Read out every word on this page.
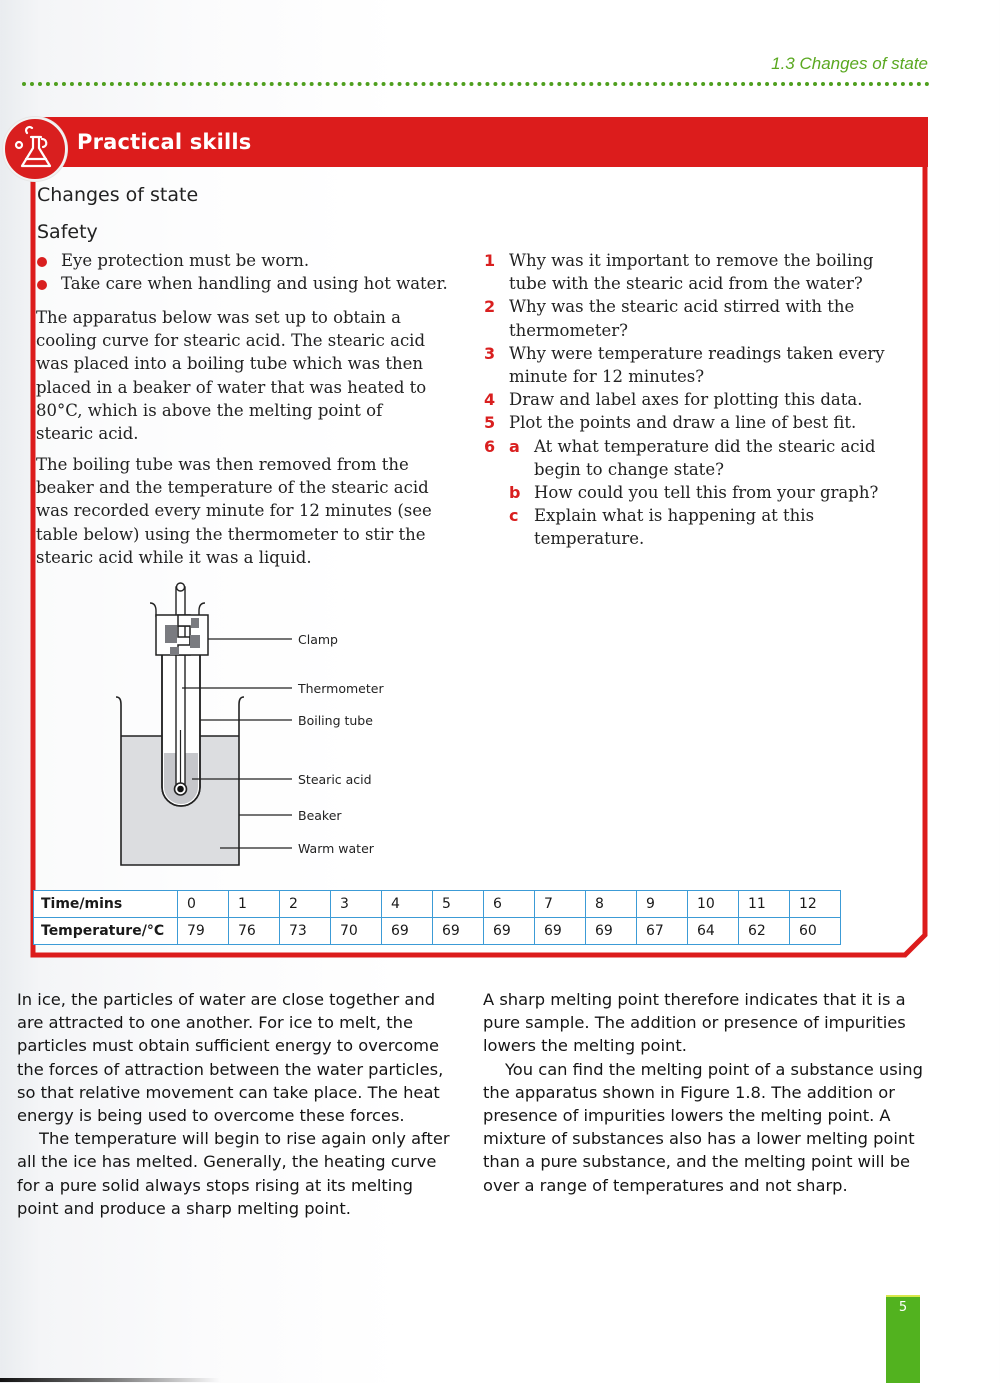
1.3 Changes of state
Practical skills
Changes of state
Safety
Eye protection must be worn.
Take care when handling and using hot water.

The apparatus below was set up to obtain a cooling curve for stearic acid. The stearic acid was placed into a boiling tube which was then placed in a beaker of water that was heated to 80°C, which is above the melting point of stearic acid.

The boiling tube was then removed from the beaker and the temperature of the stearic acid was recorded every minute for 12 minutes (see table below) using the thermometer to stir the stearic acid while it was a liquid.

1 Why was it important to remove the boiling tube with the stearic acid from the water?
2 Why was the stearic acid stirred with the thermometer?
3 Why were temperature readings taken every minute for 12 minutes?
4 Draw and label axes for plotting this data.
5 Plot the points and draw a line of best fit.
6 a At what temperature did the stearic acid begin to change state?
b How could you tell this from your graph?
c Explain what is happening at this temperature.
Clamp
Thermometer
Boiling tube
Stearic acid
Beaker
Warm water
Time/mins	0	1	2	3	4	5	6	7	8	9	10	11	12
Temperature/°C	79	76	73	70	69	69	69	69	69	67	64	62	60

In ice, the particles of water are close together and are attracted to one another. For ice to melt, the particles must obtain sufficient energy to overcome the forces of attraction between the water particles, so that relative movement can take place. The heat energy is being used to overcome these forces.

The temperature will begin to rise again only after all the ice has melted. Generally, the heating curve for a pure solid always stops rising at its melting point and produce a sharp melting point.

A sharp melting point therefore indicates that it is a pure sample. The addition or presence of impurities lowers the melting point.

You can find the melting point of a substance using the apparatus shown in Figure 1.8. The addition or presence of impurities lowers the melting point. A mixture of substances also has a lower melting point than a pure substance, and the melting point will be over a range of temperatures and not sharp.

5
